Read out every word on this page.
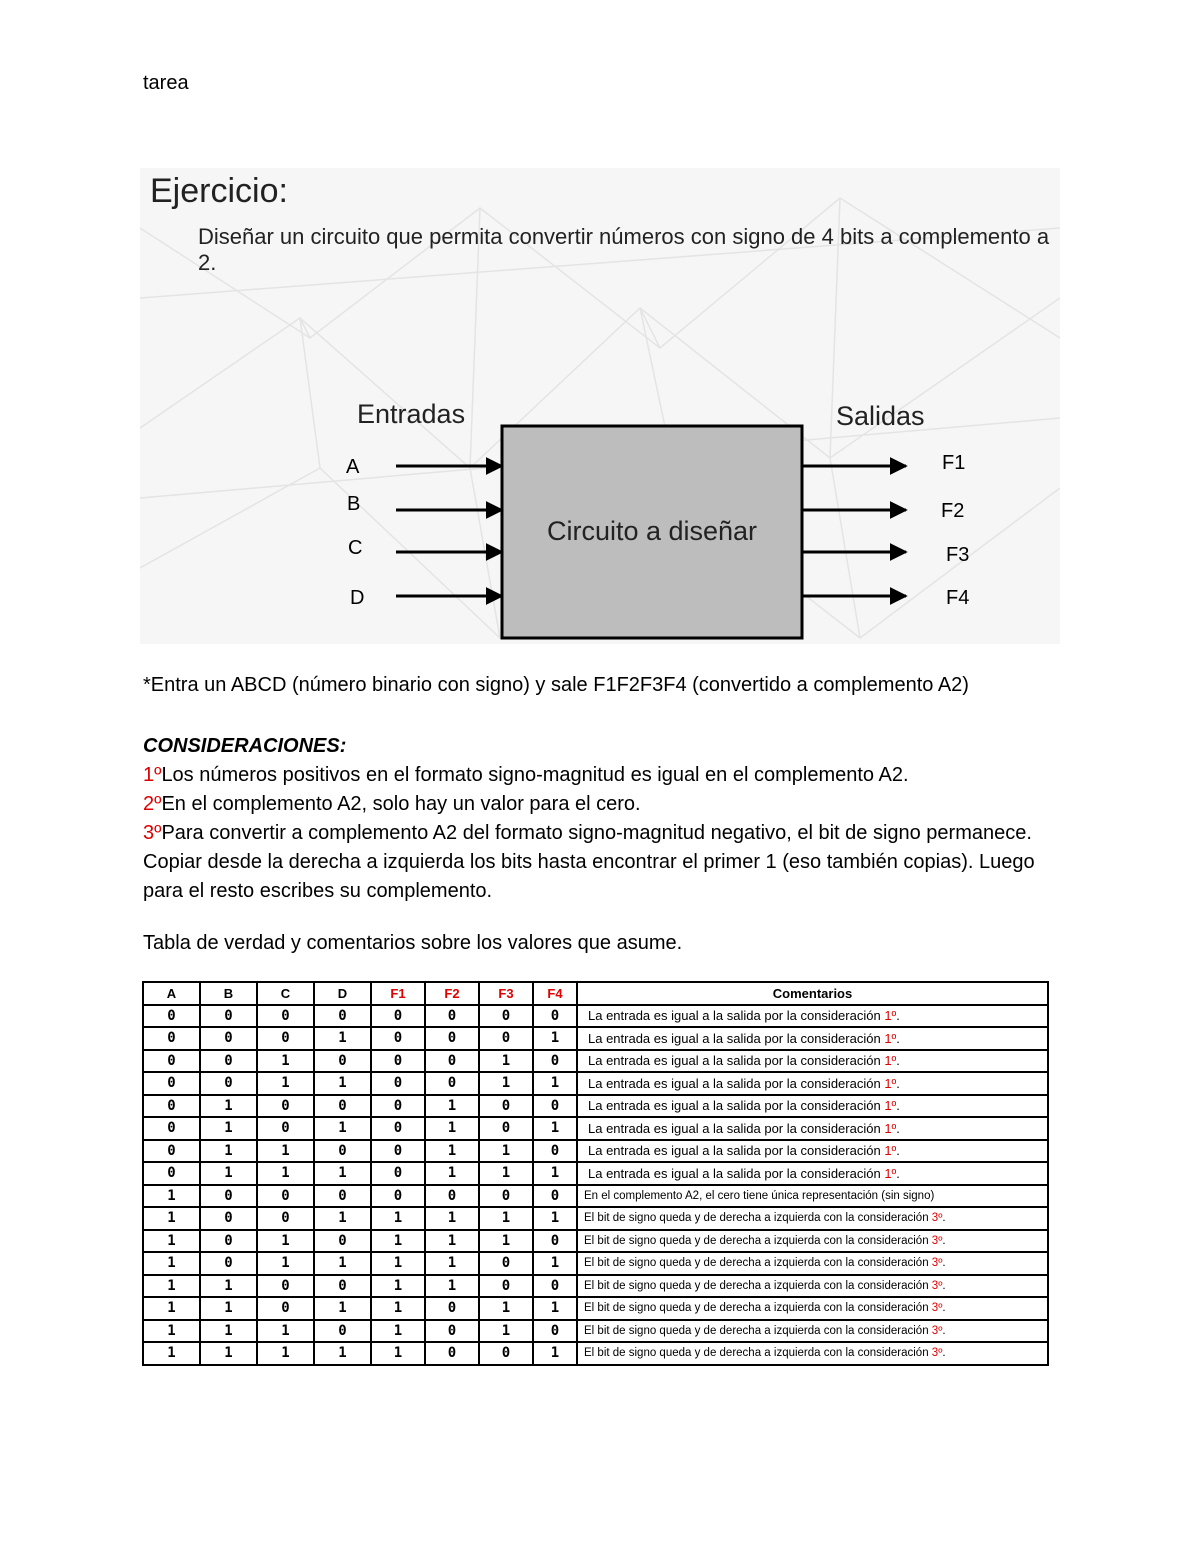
tarea
Ejercicio:
Diseñar un circuito que permita convertir números con signo de 4 bits a complemento a 2.
Entradas	Salidas
Circuito a diseñar
A
B
C
D
F1
F2
F3
F4
*Entra un ABCD (número binario con signo) y sale F1F2F3F4 (convertido a complemento A2)
CONSIDERACIONES:
1ºLos números positivos en el formato signo-magnitud es igual en el complemento A2.
2ºEn el complemento A2, solo hay un valor para el cero.
3ºPara convertir a complemento A2 del formato signo-magnitud negativo, el bit de signo permanece. Copiar desde la derecha a izquierda los bits hasta encontrar el primer 1 (eso también copias). Luego para el resto escribes su complemento.
Tabla de verdad y comentarios sobre los valores que asume.
A	B	C	D	F1	F2	F3	F4	Comentarios
0	0	0	0	0	0	0	0	La entrada es igual a la salida por la consideración 1º.
0	0	0	1	0	0	0	1	La entrada es igual a la salida por la consideración 1º.
0	0	1	0	0	0	1	0	La entrada es igual a la salida por la consideración 1º.
0	0	1	1	0	0	1	1	La entrada es igual a la salida por la consideración 1º.
0	1	0	0	0	1	0	0	La entrada es igual a la salida por la consideración 1º.
0	1	0	1	0	1	0	1	La entrada es igual a la salida por la consideración 1º.
0	1	1	0	0	1	1	0	La entrada es igual a la salida por la consideración 1º.
0	1	1	1	0	1	1	1	La entrada es igual a la salida por la consideración 1º.
1	0	0	0	0	0	0	0	En el complemento A2, el cero tiene única representación (sin signo)
1	0	0	1	1	1	1	1	El bit de signo queda y de derecha a izquierda con la consideración 3º.
1	0	1	0	1	1	1	0	El bit de signo queda y de derecha a izquierda con la consideración 3º.
1	0	1	1	1	1	0	1	El bit de signo queda y de derecha a izquierda con la consideración 3º.
1	1	0	0	1	1	0	0	El bit de signo queda y de derecha a izquierda con la consideración 3º.
1	1	0	1	1	0	1	1	El bit de signo queda y de derecha a izquierda con la consideración 3º.
1	1	1	0	1	0	1	0	El bit de signo queda y de derecha a izquierda con la consideración 3º.
1	1	1	1	1	0	0	1	El bit de signo queda y de derecha a izquierda con la consideración 3º.
